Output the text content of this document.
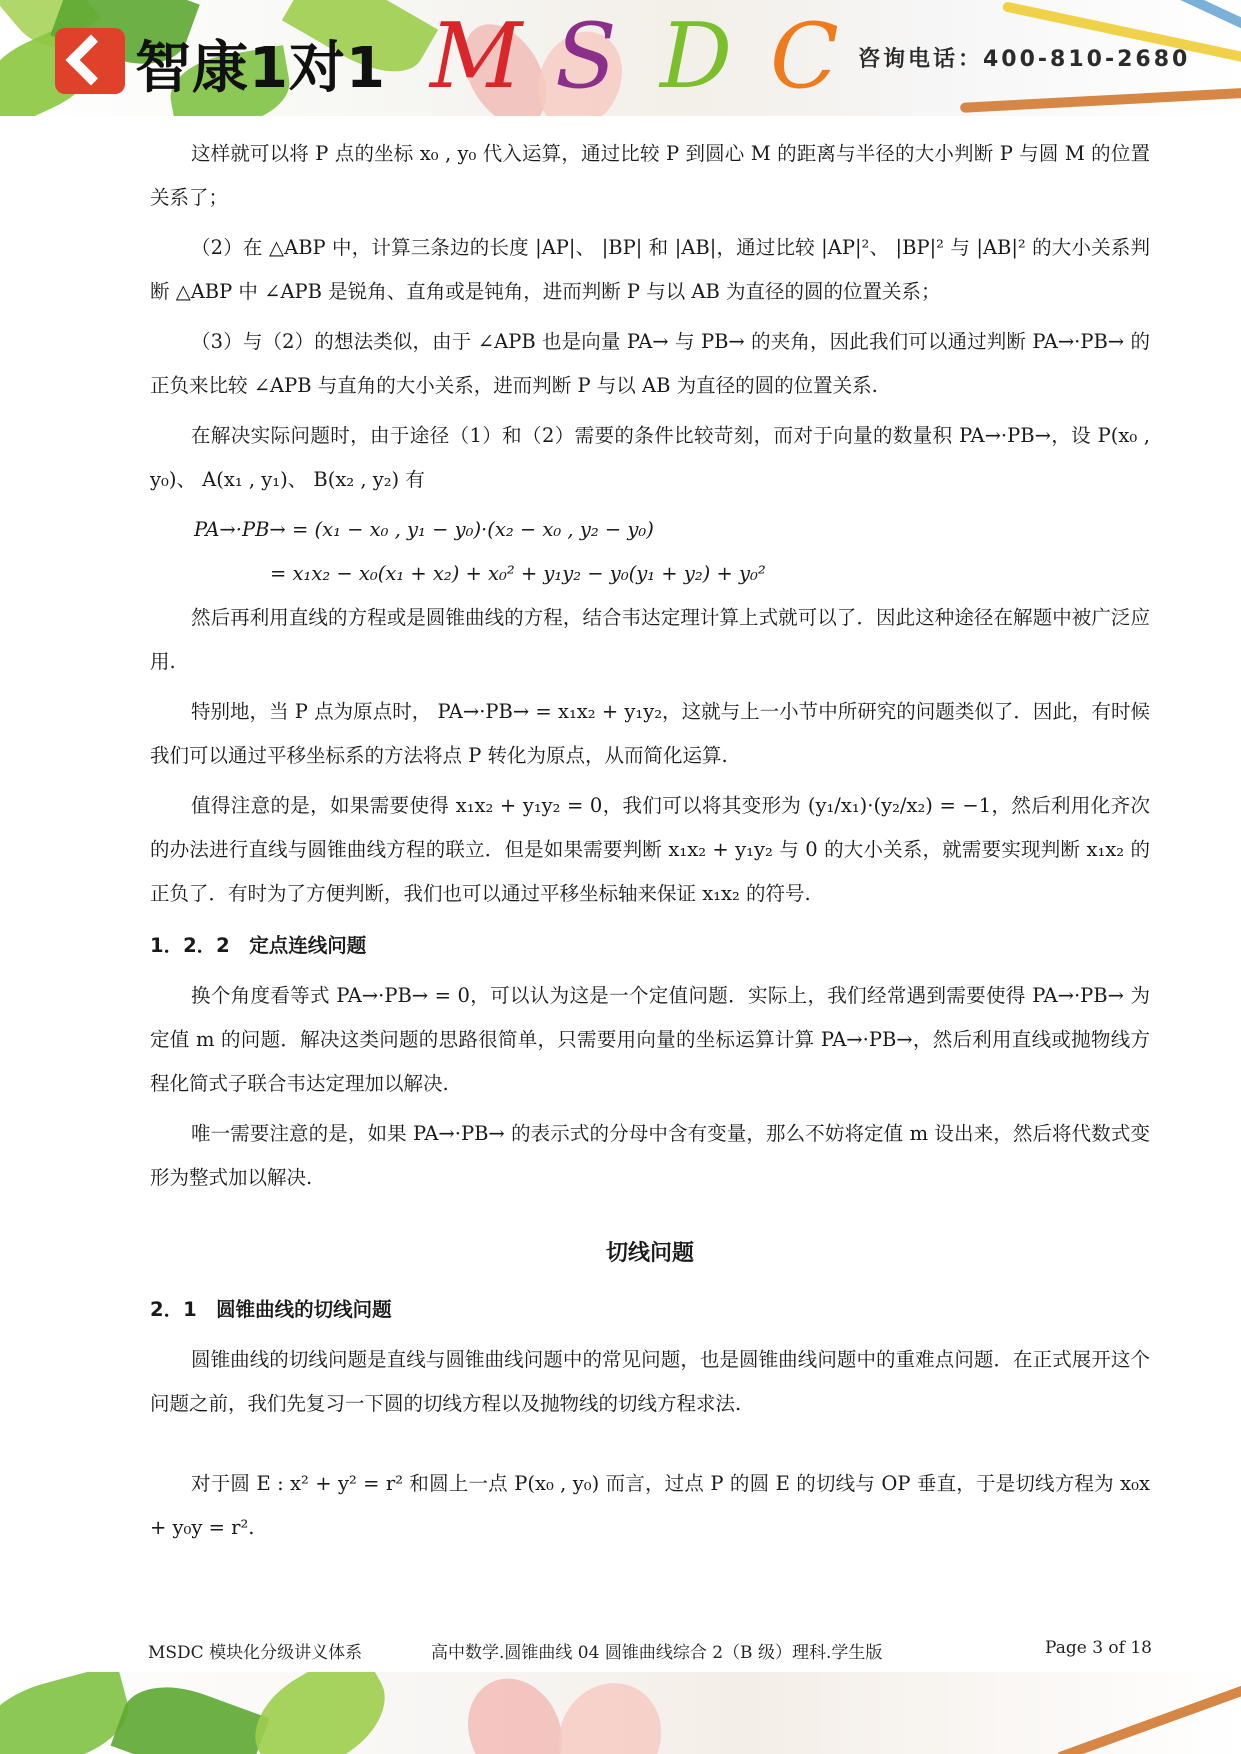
智康1对1 M S D C 咨询电话：400-810-2680

这样就可以将 P 点的坐标 x₀ , y₀ 代入运算，通过比较 P 到圆心 M 的距离与半径的大小判断 P 与圆 M 的位置关系了；

（2）在 △ABP 中，计算三条边的长度 |AP|、 |BP| 和 |AB|，通过比较 |AP|²、 |BP|² 与 |AB|² 的大小关系判断 △ABP 中 ∠APB 是锐角、直角或是钝角，进而判断 P 与以 AB 为直径的圆的位置关系；

（3）与（2）的想法类似，由于 ∠APB 也是向量 PA→ 与 PB→ 的夹角，因此我们可以通过判断 PA→·PB→ 的正负来比较 ∠APB 与直角的大小关系，进而判断 P 与以 AB 为直径的圆的位置关系.

在解决实际问题时，由于途径（1）和（2）需要的条件比较苛刻，而对于向量的数量积 PA→·PB→，设 P(x₀ , y₀)、 A(x₁ , y₁)、 B(x₂ , y₂) 有

PA→·PB→ = (x₁ − x₀ , y₁ − y₀)·(x₂ − x₀ , y₂ − y₀)

= x₁x₂ − x₀(x₁ + x₂) + x₀² + y₁y₂ − y₀(y₁ + y₂) + y₀²

然后再利用直线的方程或是圆锥曲线的方程，结合韦达定理计算上式就可以了．因此这种途径在解题中被广泛应用.

特别地，当 P 点为原点时， PA→·PB→ = x₁x₂ + y₁y₂，这就与上一小节中所研究的问题类似了．因此，有时候我们可以通过平移坐标系的方法将点 P 转化为原点，从而简化运算.

值得注意的是，如果需要使得 x₁x₂ + y₁y₂ = 0，我们可以将其变形为 (y₁/x₁)·(y₂/x₂) = −1，然后利用化齐次的办法进行直线与圆锥曲线方程的联立．但是如果需要判断 x₁x₂ + y₁y₂ 与 0 的大小关系，就需要实现判断 x₁x₂ 的正负了．有时为了方便判断，我们也可以通过平移坐标轴来保证 x₁x₂ 的符号.

1．2．2　定点连线问题

换个角度看等式 PA→·PB→ = 0，可以认为这是一个定值问题．实际上，我们经常遇到需要使得 PA→·PB→ 为定值 m 的问题．解决这类问题的思路很简单，只需要用向量的坐标运算计算 PA→·PB→，然后利用直线或抛物线方程化简式子联合韦达定理加以解决.

唯一需要注意的是，如果 PA→·PB→ 的表示式的分母中含有变量，那么不妨将定值 m 设出来，然后将代数式变形为整式加以解决.

切线问题
2．1　圆锥曲线的切线问题

圆锥曲线的切线问题是直线与圆锥曲线问题中的常见问题，也是圆锥曲线问题中的重难点问题．在正式展开这个问题之前，我们先复习一下圆的切线方程以及抛物线的切线方程求法.

对于圆 E : x² + y² = r² 和圆上一点 P(x₀ , y₀) 而言，过点 P 的圆 E 的切线与 OP 垂直，于是切线方程为 x₀x + y₀y = r².

MSDC 模块化分级讲义体系	高中数学.圆锥曲线 04 圆锥曲线综合 2（B 级）理科.学生版	Page 3 of 18
